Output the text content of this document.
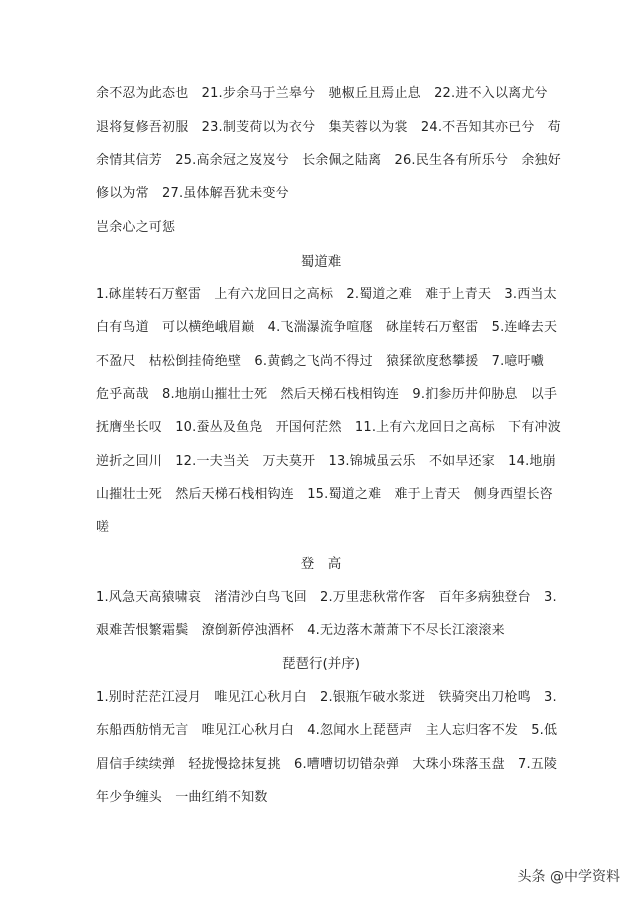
余不忍为此态也　21.步余马于兰皋兮　驰椒丘且焉止息　22.进不入以离尤兮
退将复修吾初服　23.制芰荷以为衣兮　集芙蓉以为裳　24.不吾知其亦已兮　苟
余情其信芳　25.高余冠之岌岌兮　长余佩之陆离　26.民生各有所乐兮　余独好
修以为常　27.虽体解吾犹未变兮
岂余心之可惩
蜀道难
1.砯崖转石万壑雷　上有六龙回日之高标　2.蜀道之难　难于上青天　3.西当太
白有鸟道　可以横绝峨眉巅　4.飞湍瀑流争喧豗　砯崖转石万壑雷　5.连峰去天
不盈尺　枯松倒挂倚绝壁　6.黄鹤之飞尚不得过　猿猱欲度愁攀援　7.噫吁嚱
危乎高哉　8.地崩山摧壮士死　然后天梯石栈相钩连　9.扪参历井仰胁息　以手
抚膺坐长叹　10.蚕丛及鱼凫　开国何茫然　11.上有六龙回日之高标　下有冲波
逆折之回川　12.一夫当关　万夫莫开　13.锦城虽云乐　不如早还家　14.地崩
山摧壮士死　然后天梯石栈相钩连　15.蜀道之难　难于上青天　侧身西望长咨
嗟
登　高
1.风急天高猿啸哀　渚清沙白鸟飞回　2.万里悲秋常作客　百年多病独登台　3.
艰难苦恨繁霜鬓　潦倒新停浊酒杯　4.无边落木萧萧下不尽长江滚滚来
琵琶行(并序)
1.别时茫茫江浸月　唯见江心秋月白　2.银瓶乍破水浆迸　铁骑突出刀枪鸣　3.
东船西舫悄无言　唯见江心秋月白　4.忽闻水上琵琶声　主人忘归客不发　5.低
眉信手续续弹　轻拢慢捻抹复挑　6.嘈嘈切切错杂弹　大珠小珠落玉盘　7.五陵
年少争缠头　一曲红绡不知数
头条 @中学资料
